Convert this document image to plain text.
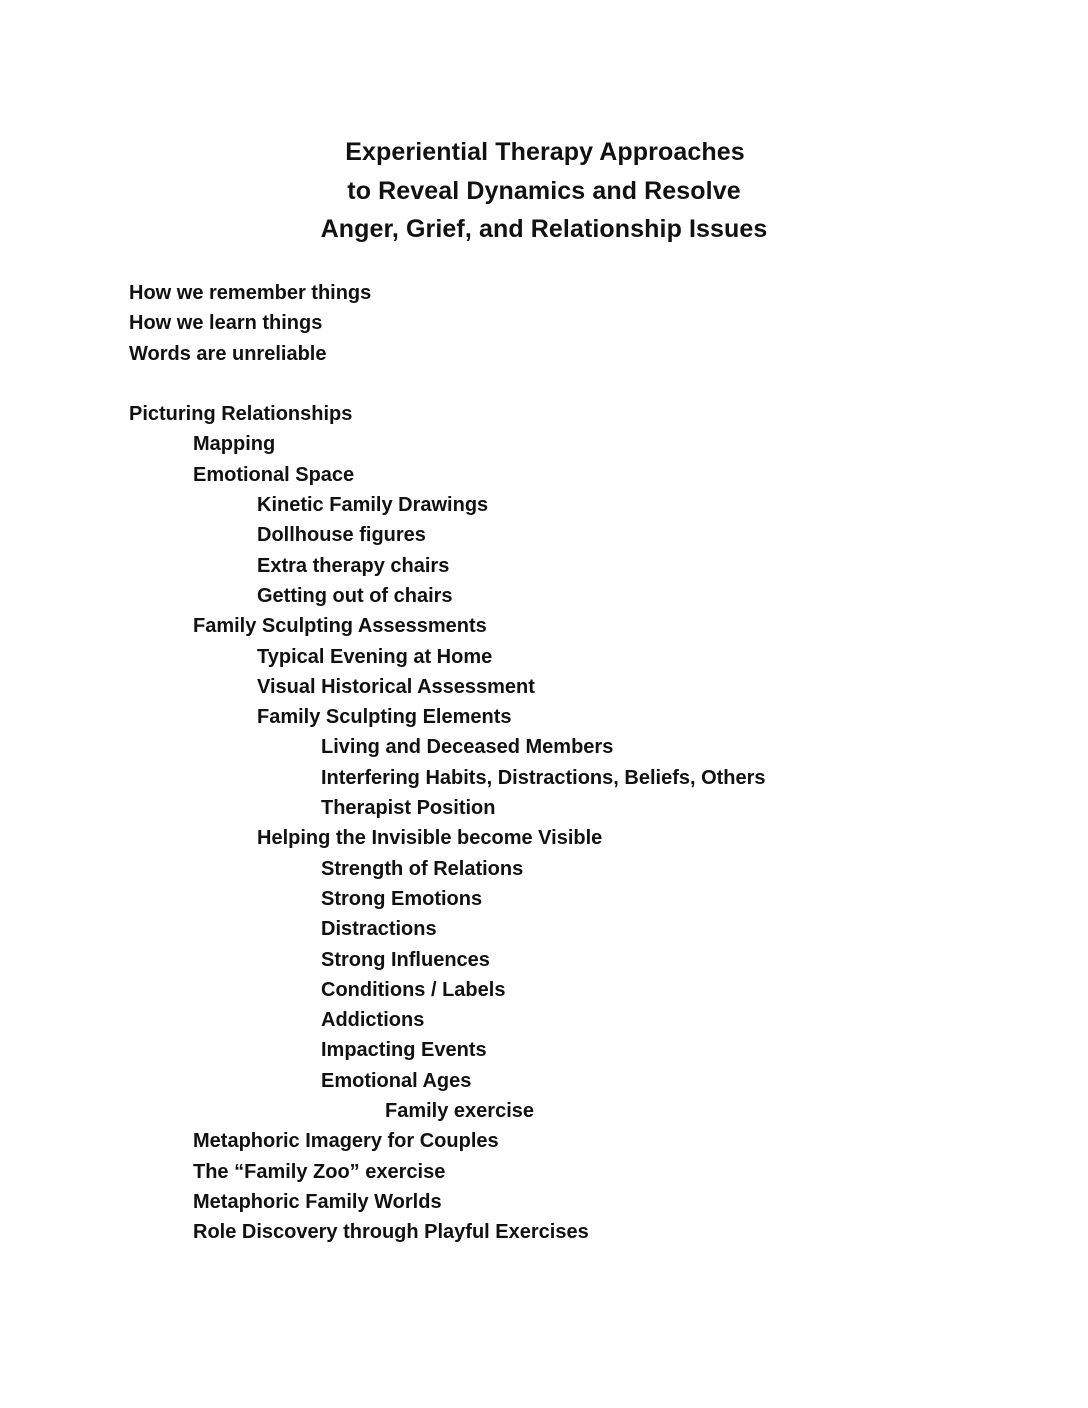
Experiential Therapy Approaches
to Reveal Dynamics and Resolve
Anger, Grief, and Relationship Issues
How we remember things
How we learn things
Words are unreliable
Picturing Relationships
Mapping
Emotional Space
Kinetic Family Drawings
Dollhouse figures
Extra therapy chairs
Getting out of chairs
Family Sculpting Assessments
Typical Evening at Home
Visual Historical Assessment
Family Sculpting Elements
Living and Deceased Members
Interfering Habits, Distractions, Beliefs, Others
Therapist Position
Helping the Invisible become Visible
Strength of Relations
Strong Emotions
Distractions
Strong Influences
Conditions / Labels
Addictions
Impacting Events
Emotional Ages
Family exercise
Metaphoric Imagery for Couples
The “Family Zoo” exercise
Metaphoric Family Worlds
Role Discovery through Playful Exercises
